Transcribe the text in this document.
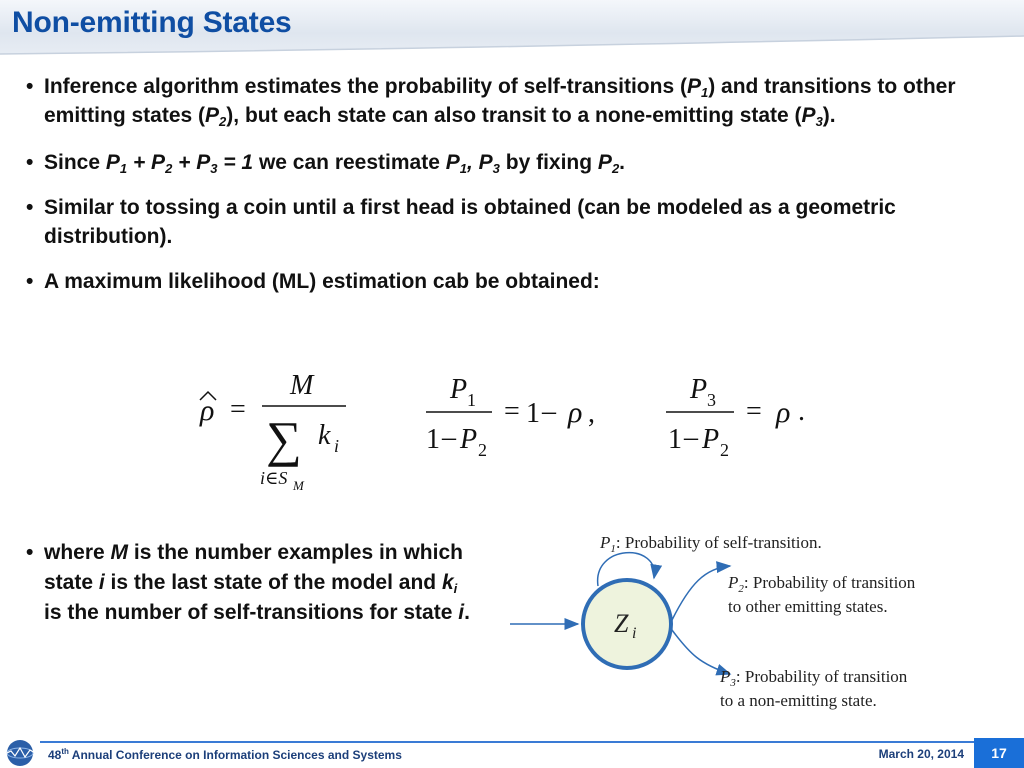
Non-emitting States
• Inference algorithm estimates the probability of self-transitions $(P_1)$ and transitions to other emitting states $(P_2)$, but each state can also transit to a none-emitting state $(P_3)$.
• Since $P_1 + P_2 + P_3 = 1$ we can reestimate $P_1$, $P_3$ by fixing $P_2$.
• Similar to tossing a coin until a first head is obtained (can be modeled as a geometric distribution).
• A maximum likelihood (ML) estimation cab be obtained:
ρ =
M
∑ k i
i∈S M
P 1
1 – P 2
= 1 – ρ ,
P 3
1 – P 2
= ρ .
• where M is the number examples in which state i is the last state of the model and $k_i$ is the number of self-transitions for state i.	Z i
$P_1$: Probability of self-transition.
$P_2$: Probability of transition
to other emitting states.
$P_3$: Probability of transition
to a non-emitting state.
48th Annual Conference on Information Sciences and Systems	March 20, 2014	17
